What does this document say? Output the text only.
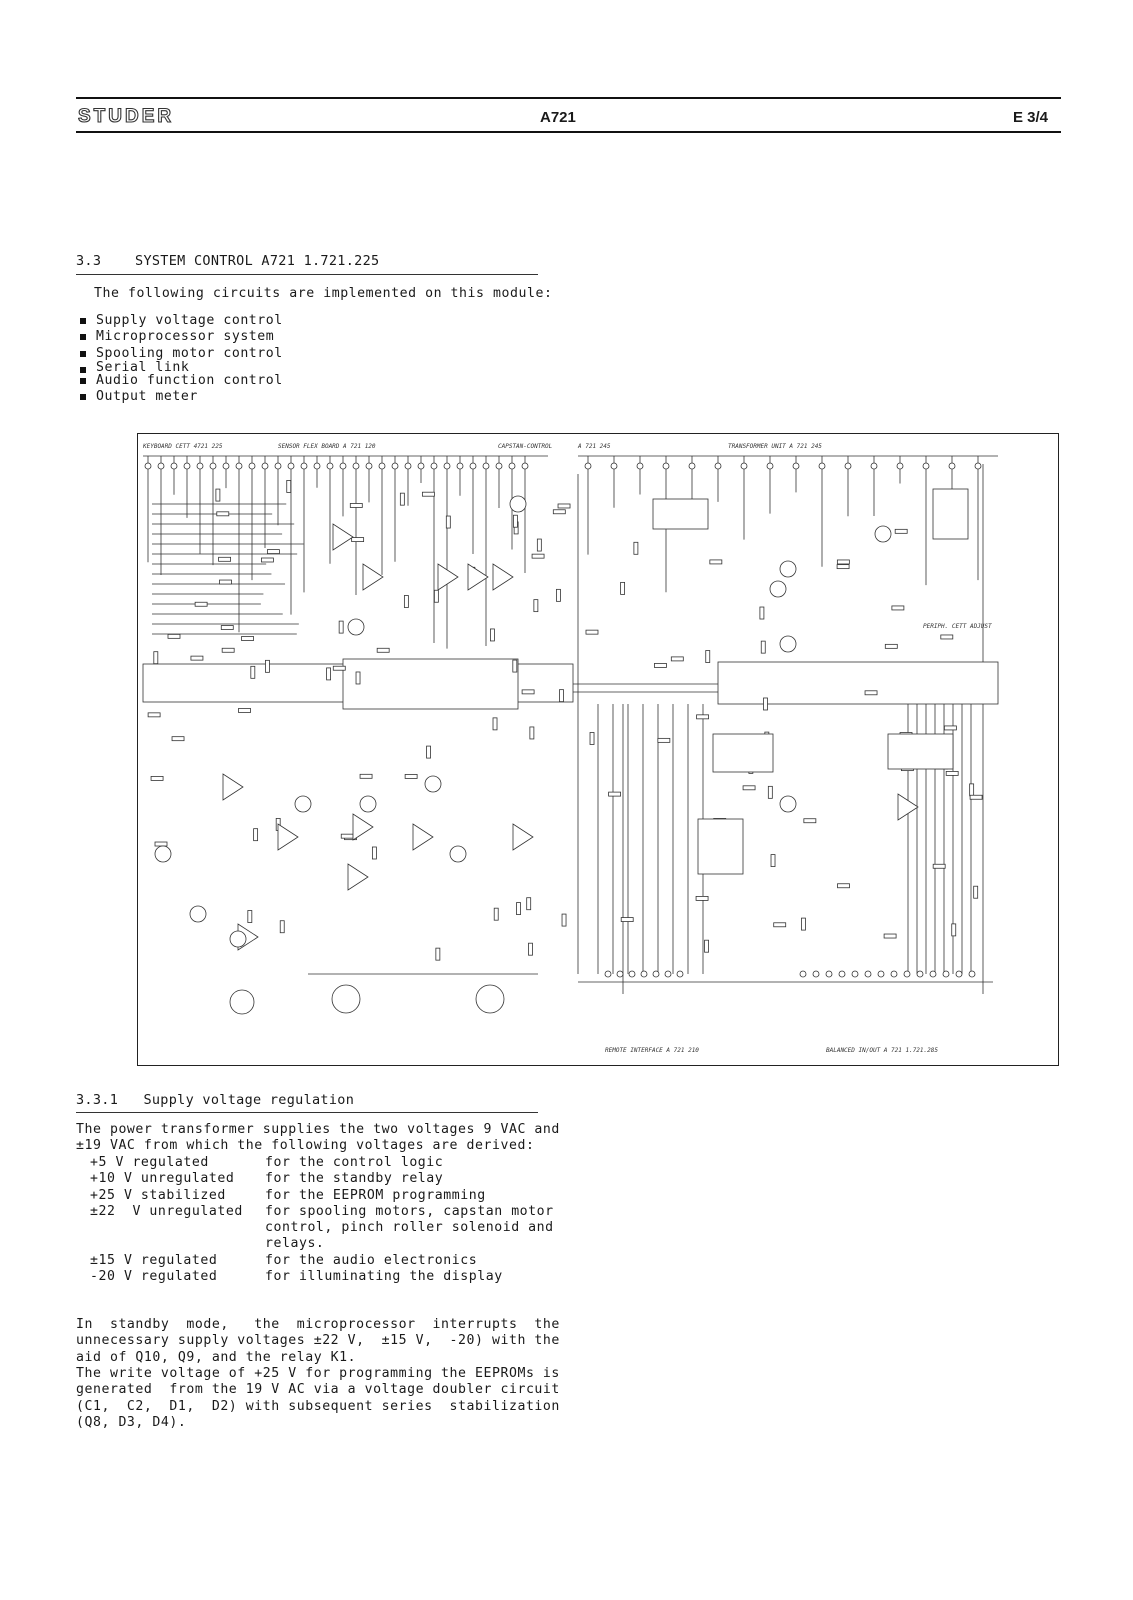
STUDER	A721	E 3/4
3.3 SYSTEM CONTROL A721 1.721.225

The following circuits are implemented on this module:

Supply voltage control
Microprocessor system
Spooling motor control
Serial link
Audio function control
Output meter
KEYBOARD CETT 4721 225	SENSOR FLEX BOARD A 721 120	CAPSTAN-CONTROL	A 721 245	TRANSFORMER UNIT A 721 245
PERIPH. CETT ADJUST
REMOTE INTERFACE A 721 210	BALANCED IN/OUT A 721 1.721.285
3.3.1 Supply voltage regulation

The power transformer supplies the two voltages 9 VAC and
±19 VAC from which the following voltages are derived:

+5 V regulated	for the control logic
+10 V unregulated	for the standby relay
+25 V stabilized	for the EEPROM programming
±22  V unregulated	for spooling motors, capstan motor
control, pinch roller solenoid and
relays.
±15 V regulated	for the audio electronics
-20 V regulated	for illuminating the display

In  standby  mode,   the  microprocessor  interrupts  the
unnecessary supply voltages ±22 V,  ±15 V,  -20) with the
aid of Q10, Q9, and the relay K1.

The write voltage of +25 V for programming the EEPROMs is
generated  from the 19 V AC via a voltage doubler circuit
(C1,  C2,  D1,  D2) with subsequent series  stabilization
(Q8, D3, D4).
